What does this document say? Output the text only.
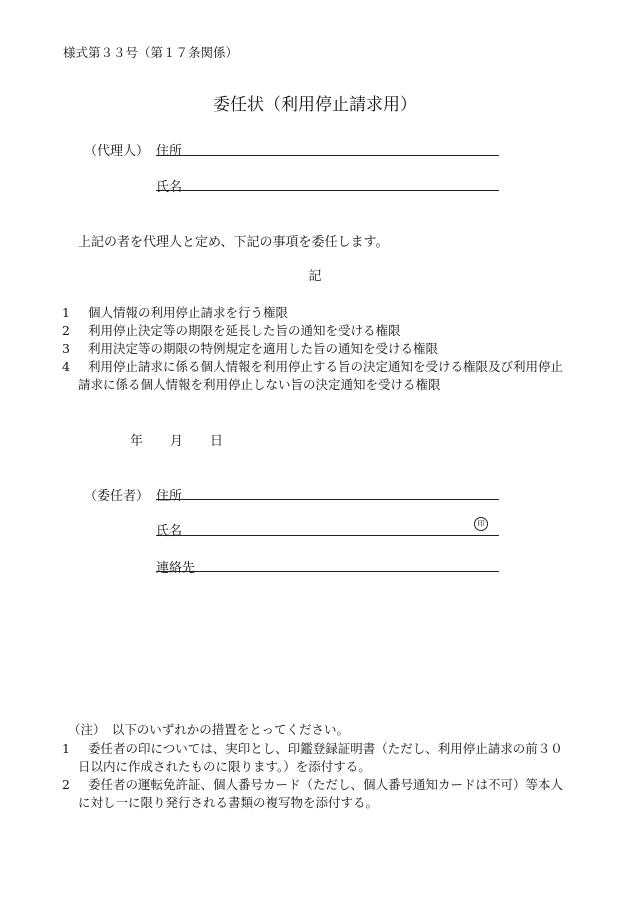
様式第３３号（第１７条関係）
委任状（利用停止請求用）
（代理人） 住所
氏名
上記の者を代理人と定め、下記の事項を委任します。
記
1 個人情報の利用停止請求を行う権限
2 利用停止決定等の期限を延長した旨の通知を受ける権限
3 利用決定等の期限の特例規定を適用した旨の通知を受ける権限
4 利用停止請求に係る個人情報を利用停止する旨の決定通知を受ける権限及び利用停止
請求に係る個人情報を利用停止しない旨の決定通知を受ける権限
年 月 日
（委任者） 住所
氏名
印
連絡先
（注）　以下のいずれかの措置をとってください。
1 委任者の印については、実印とし、印鑑登録証明書（ただし、利用停止請求の前３０
日以内に作成されたものに限ります。）を添付する。
2 委任者の運転免許証、個人番号カード（ただし、個人番号通知カードは不可）等本人
に対し一に限り発行される書類の複写物を添付する。
